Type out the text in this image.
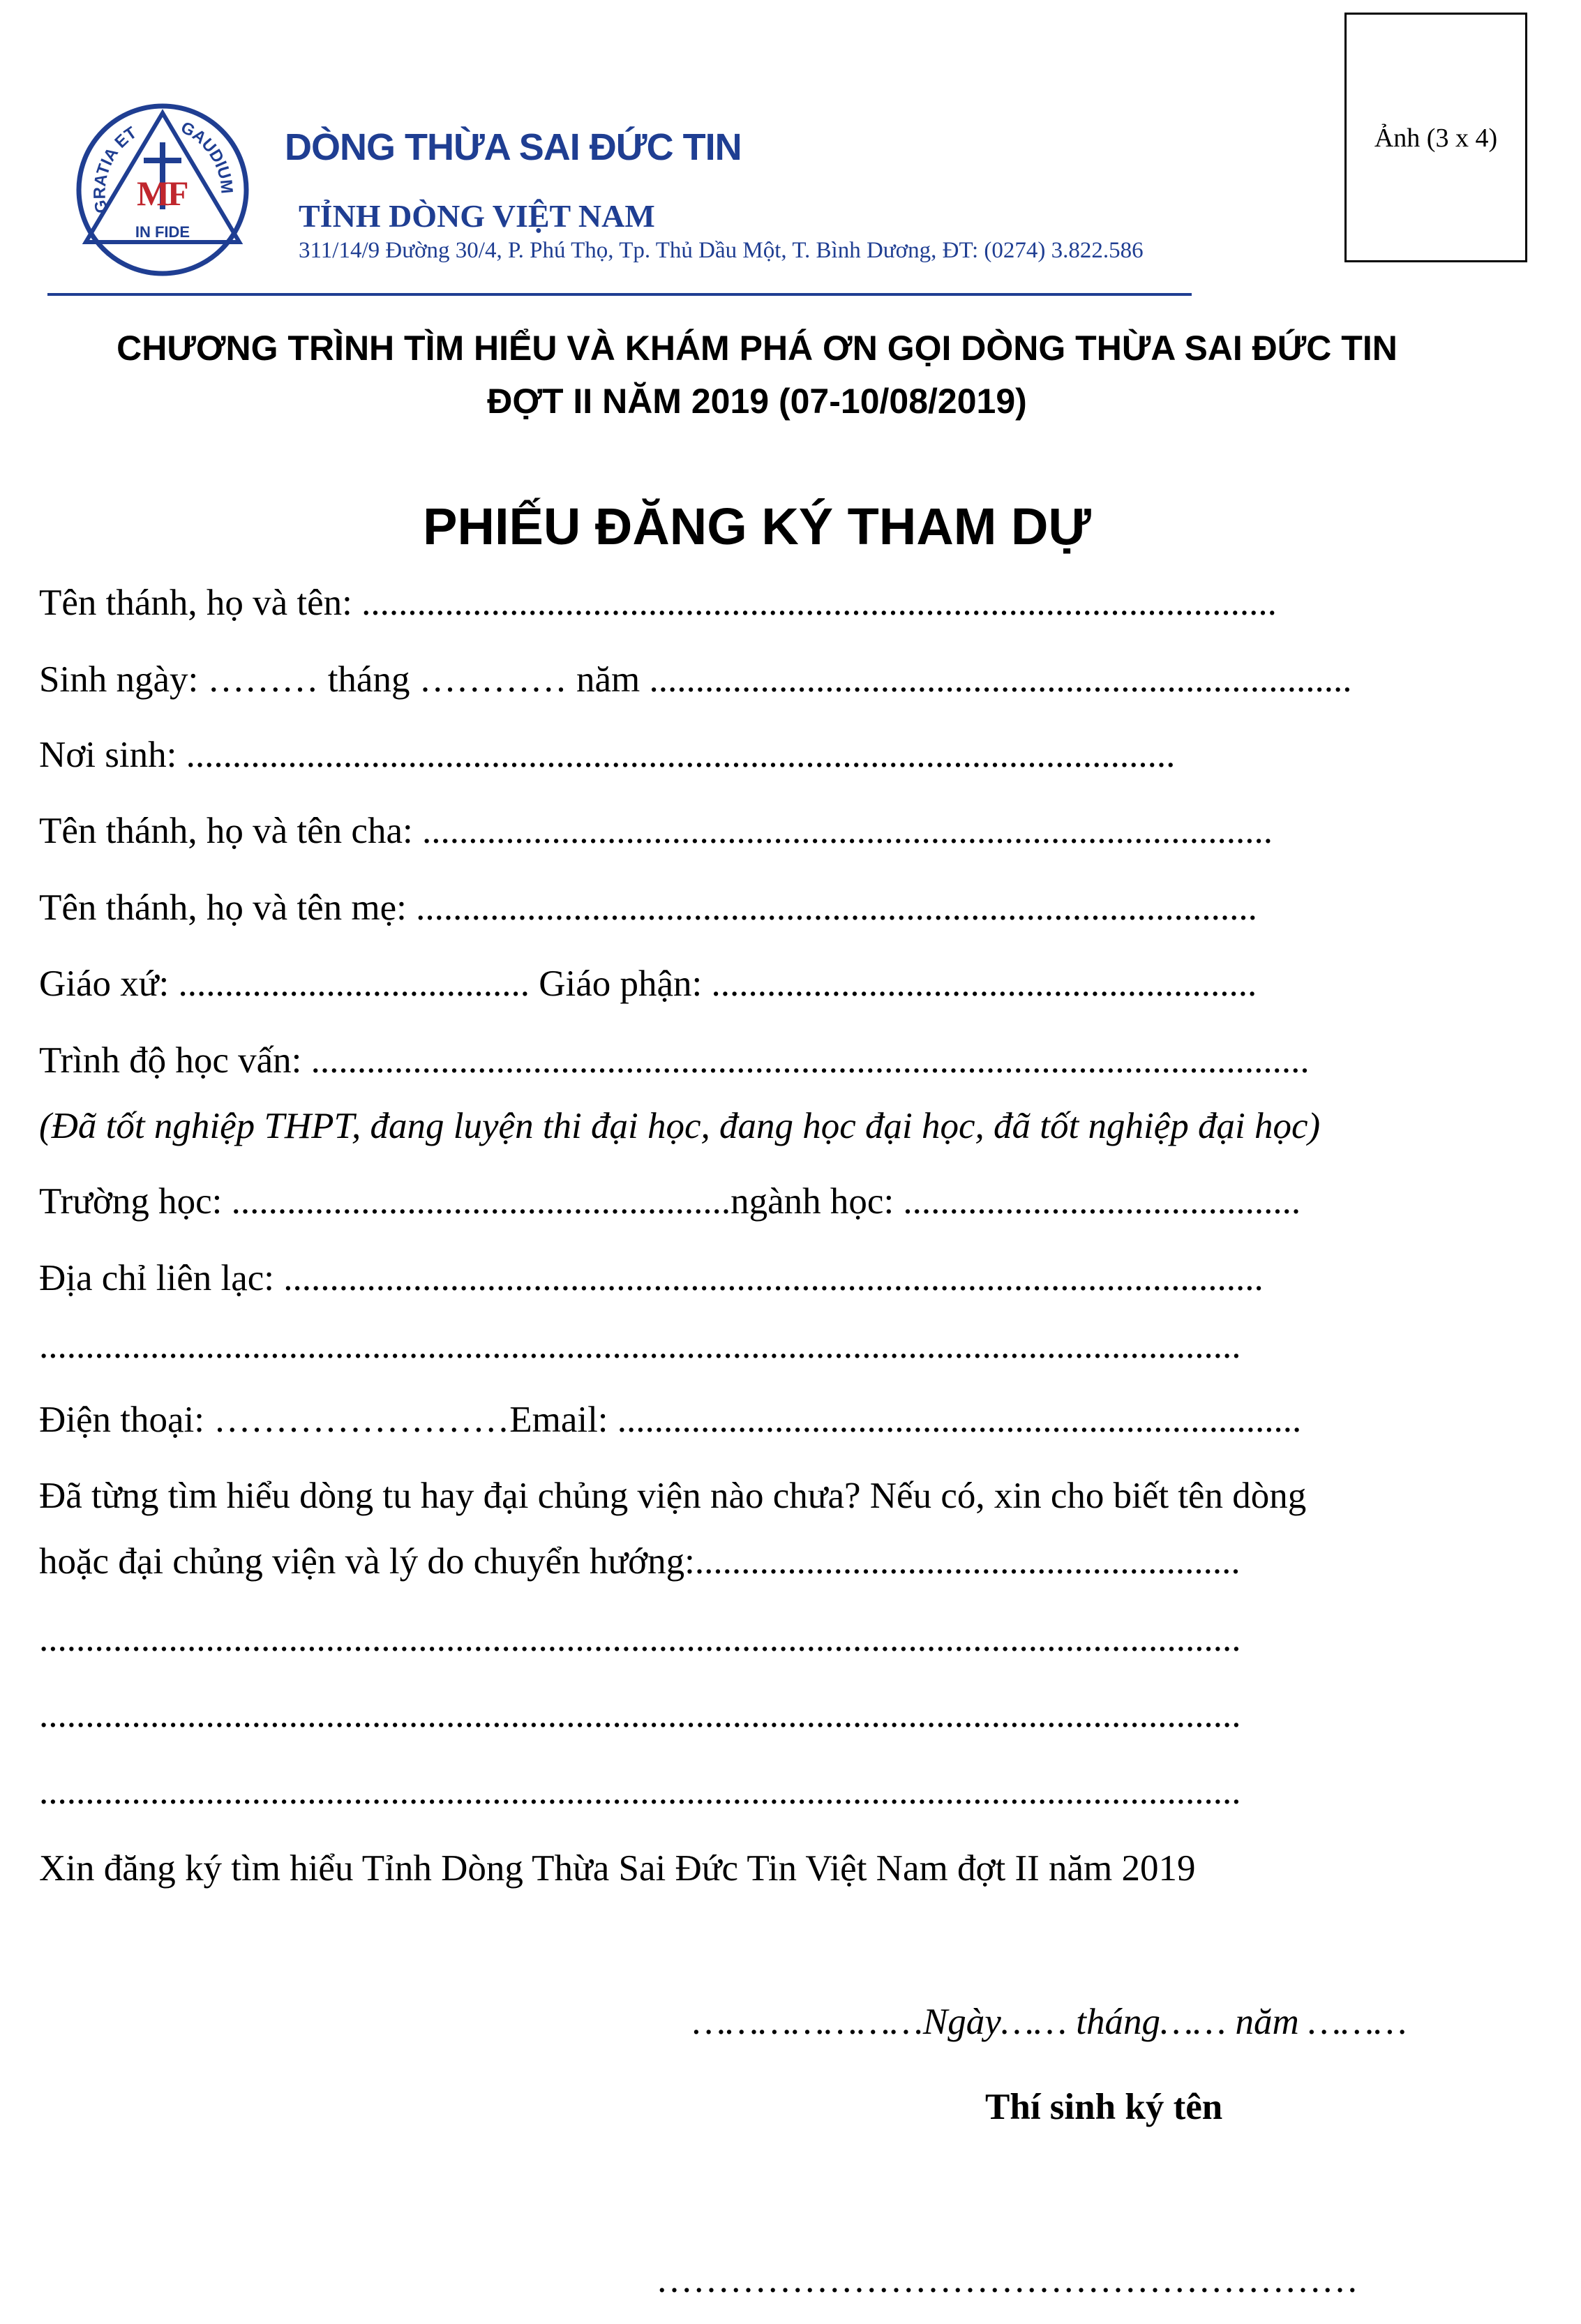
Ảnh (3 x 4)
GRATIA ET GAUDIUM
M
F
IN FIDE
DÒNG THỪA SAI ĐỨC TIN
TỈNH DÒNG VIỆT NAM
311/14/9 Đường 30/4, P. Phú Thọ, Tp. Thủ Dầu Một, T. Bình Dương, ĐT: (0274) 3.822.586
CHƯƠNG TRÌNH TÌM HIỂU VÀ KHÁM PHÁ ƠN GỌI DÒNG THỪA SAI ĐỨC TIN
ĐỢT II NĂM 2019 (07-10/08/2019)
PHIẾU ĐĂNG KÝ THAM DỰ
Tên thánh, họ và tên: ...................................................................................................
Sinh ngày: ……… tháng ………… năm ............................................................................
Nơi sinh: ...........................................................................................................
Tên thánh, họ và tên cha: ............................................................................................
Tên thánh, họ và tên mẹ: ...........................................................................................
Giáo xứ: ...................................... Giáo phận: ...........................................................
Trình độ học vấn: ............................................................................................................
(Đã tốt nghiệp THPT, đang luyện thi đại học, đang học đại học, đã tốt nghiệp đại học)
Trường học: ......................................................ngành học: ...........................................
Địa chỉ liên lạc: ..........................................................................................................
..................................................................................................................................
Điện thoại: ……………………Email: ..........................................................................
Đã từng tìm hiểu dòng tu hay đại chủng viện nào chưa? Nếu có, xin cho biết tên dòng
hoặc đại chủng viện và lý do chuyển hướng:...........................................................
..................................................................................................................................
..................................................................................................................................
..................................................................................................................................
Xin đăng ký tìm hiểu Tỉnh Dòng Thừa Sai Đức Tin Việt Nam đợt II năm 2019
…………………Ngày…… tháng…… năm ………
Thí sinh ký tên
…………………………………………………
